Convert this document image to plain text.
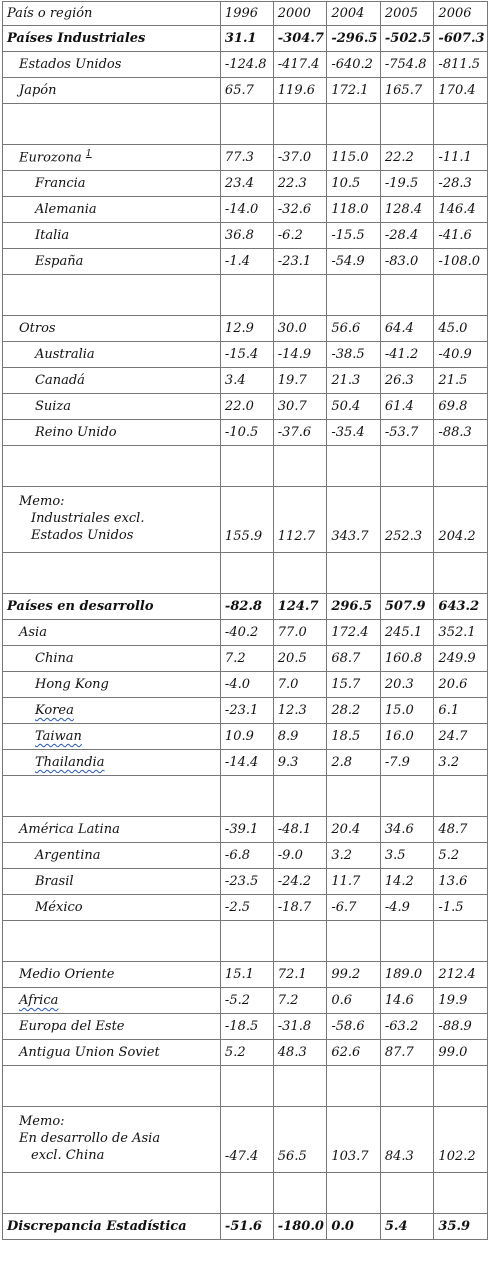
País o región	1996	2000	2004	2005	2006
Países Industriales	31.1	-304.7	-296.5	-502.5	-607.3
Estados Unidos	-124.8	-417.4	-640.2	-754.8	-811.5
Japón	65.7	119.6	172.1	165.7	170.4

Eurozona $^1$	77.3	-37.0	115.0	22.2	-11.1
Francia	23.4	22.3	10.5	-19.5	-28.3
Alemania	-14.0	-32.6	118.0	128.4	146.4
Italia	36.8	-6.2	-15.5	-28.4	-41.6
España	-1.4	-23.1	-54.9	-83.0	-108.0

Otros	12.9	30.0	56.6	64.4	45.0
Australia	-15.4	-14.9	-38.5	-41.2	-40.9
Canadá	3.4	19.7	21.3	26.3	21.5
Suiza	22.0	30.7	50.4	61.4	69.8
Reino Unido	-10.5	-37.6	-35.4	-53.7	-88.3

Memo:
Industriales excl.
Estados Unidos	155.9	112.7	343.7	252.3	204.2

Países en desarrollo	-82.8	124.7	296.5	507.9	643.2
Asia	-40.2	77.0	172.4	245.1	352.1
China	7.2	20.5	68.7	160.8	249.9
Hong Kong	-4.0	7.0	15.7	20.3	20.6
Korea	-23.1	12.3	28.2	15.0	6.1
Taiwan	10.9	8.9	18.5	16.0	24.7
Thailandia	-14.4	9.3	2.8	-7.9	3.2

América Latina	-39.1	-48.1	20.4	34.6	48.7
Argentina	-6.8	-9.0	3.2	3.5	5.2
Brasil	-23.5	-24.2	11.7	14.2	13.6
México	-2.5	-18.7	-6.7	-4.9	-1.5

Medio Oriente	15.1	72.1	99.2	189.0	212.4
Africa	-5.2	7.2	0.6	14.6	19.9
Europa del Este	-18.5	-31.8	-58.6	-63.2	-88.9
Antigua Union Soviet	5.2	48.3	62.6	87.7	99.0

Memo:
En desarrollo de Asia
excl. China	-47.4	56.5	103.7	84.3	102.2

Discrepancia Estadística	-51.6	-180.0	0.0	5.4	35.9
